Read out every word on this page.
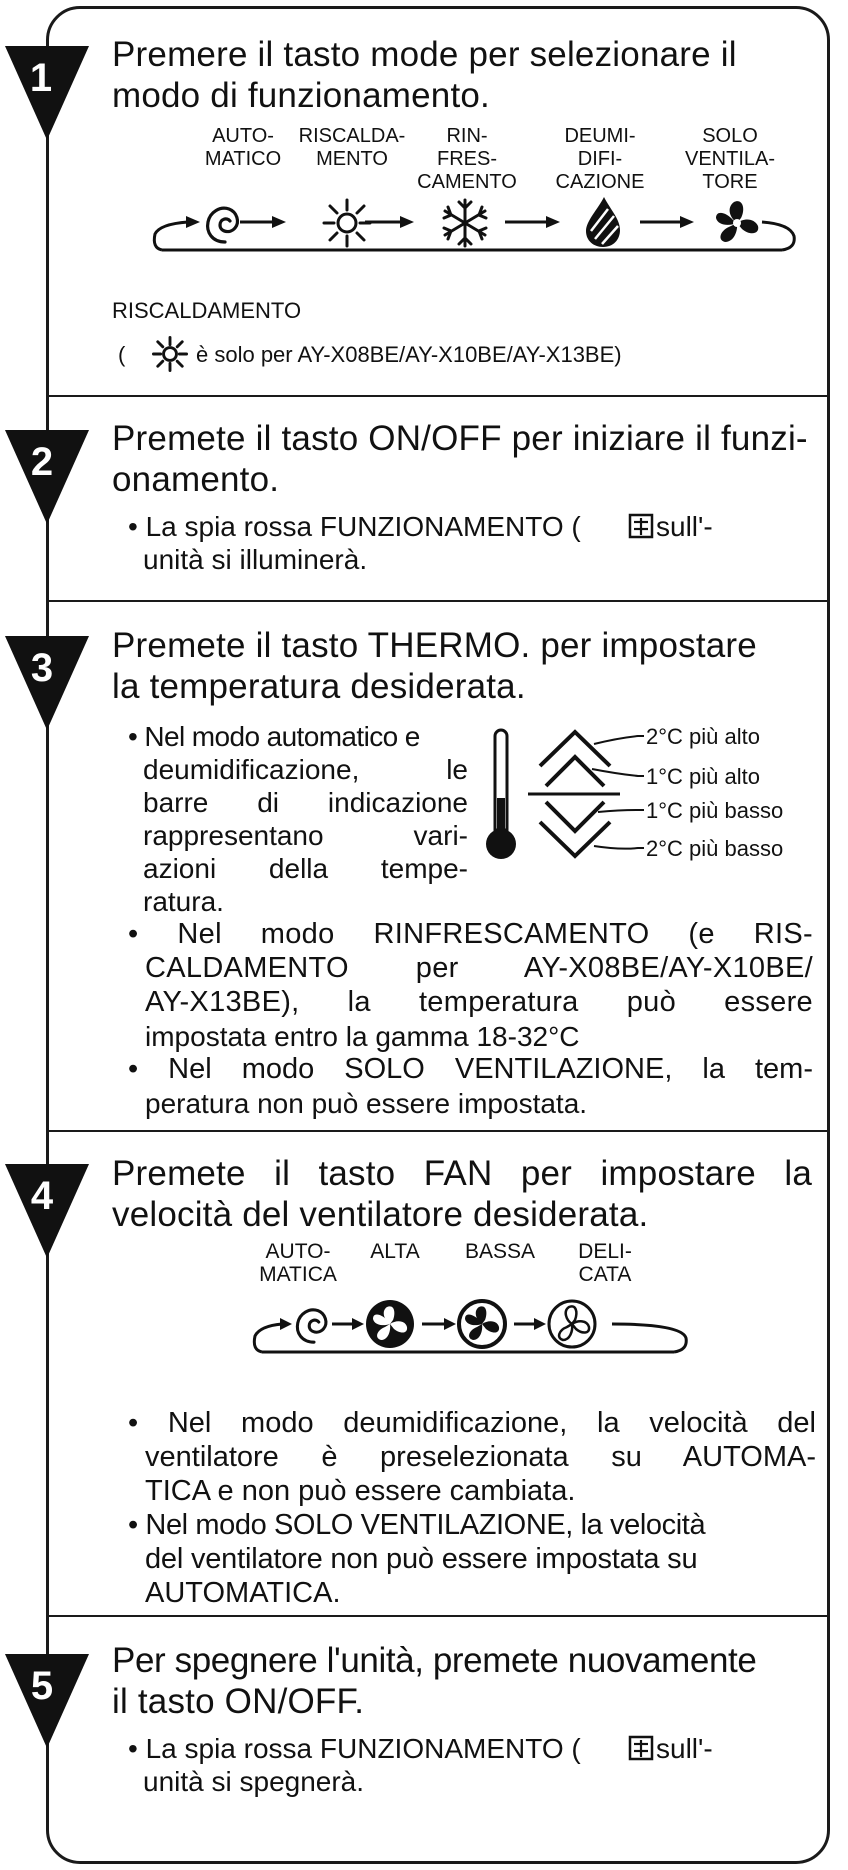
1
Premere il tasto mode per selezionare il
modo di funzionamento.
AUTO-
MATICO
RISCALDA-
MENTO
RIN-
FRES-
CAMENTO
DEUMI-
DIFI-
CAZIONE
SOLO
VENTILA-
TORE
RISCALDAMENTO
(	è solo per AY-X08BE/AY-X10BE/AY-X13BE)
2
Premete il tasto ON/OFF per iniziare il funzi-
onamento.
• La spia rossa FUNZIONAMENTO (	sull'-
unità si illuminerà.
3
Premete il tasto THERMO. per impostare
la temperatura desiderata.
• Nel modo automatico e
deumidificazione, le
barre di indicazione
rappresentano vari-
azioni della tempe-
ratura.
2°C più alto
1°C più alto
1°C più basso
2°C più basso
• Nel modo RINFRESCAMENTO (e RIS-
CALDAMENTO per AY-X08BE/AY-X10BE/
AY-X13BE), la temperatura può essere
impostata entro la gamma 18-32°C
• Nel modo SOLO VENTILAZIONE, la tem-
peratura non può essere impostata.
4
Premete il tasto FAN per impostare la
velocità del ventilatore desiderata.
AUTO-
MATICA
ALTA	BASSA	DELI-
CATA
• Nel modo deumidificazione, la velocità del
ventilatore è preselezionata su AUTOMA-
TICA e non può essere cambiata.
• Nel modo SOLO VENTILAZIONE, la velocità
del ventilatore non può essere impostata su
AUTOMATICA.
5
Per spegnere l'unità, premete nuovamente
il tasto ON/OFF.
• La spia rossa FUNZIONAMENTO (	sull'-
unità si spegnerà.
